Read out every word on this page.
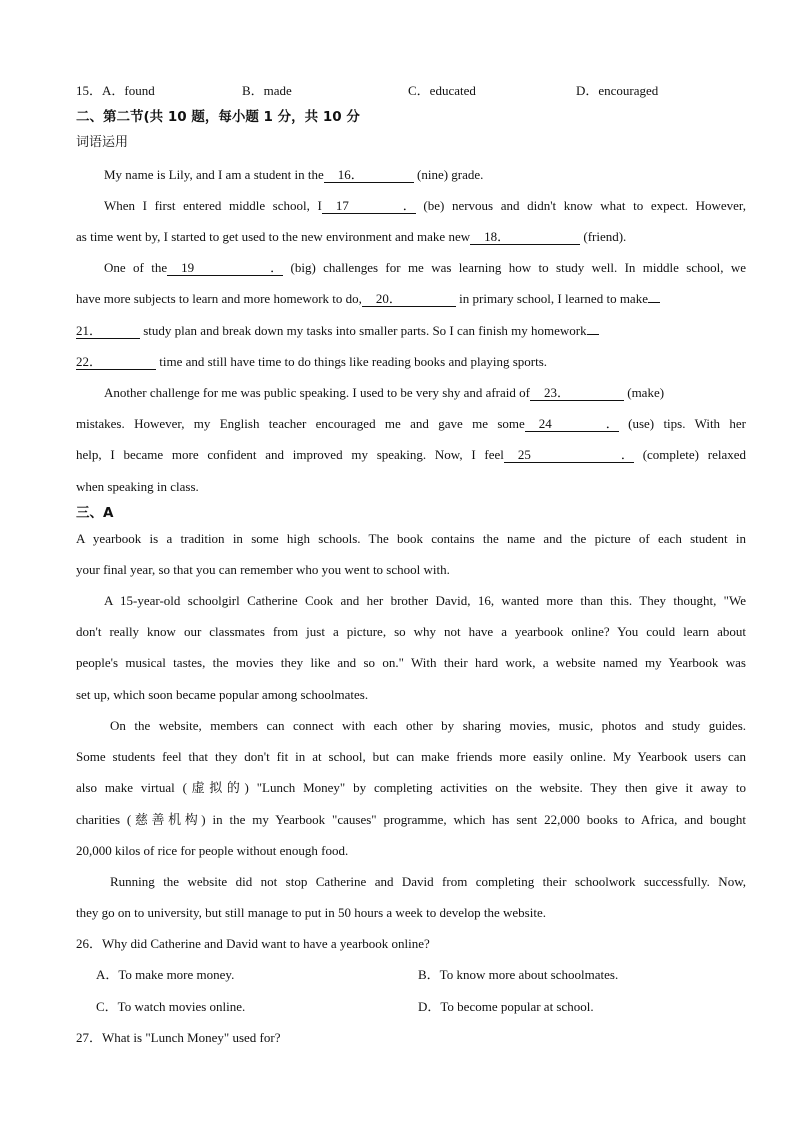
15．A．found	B．made	C．educated	D．encouraged
二、第二节(共 10 题，每小题 1 分，共 10 分
词语运用
My name is Lily, and I am a student in the 16．	(nine) grade.
When I first entered middle school, I 17． (be) nervous and didn't know what to expect. However,
as time went by, I started to get used to the new environment and make new 18．	(friend).
One of the 19． (big) challenges for me was learning how to study well. In middle school, we
have more subjects to learn and more homework to do, 20．	in primary school, I learned to make
21．	study plan and break down my tasks into smaller parts. So I can finish my homework
22．	time and still have time to do things like reading books and playing sports.
Another challenge for me was public speaking. I used to be very shy and afraid of 23．	(make)
mistakes. However, my English teacher encouraged me and gave me some 24． (use) tips. With her
help, I became more confident and improved my speaking. Now, I feel 25． (complete) relaxed
when speaking in class.
三、A
A yearbook is a tradition in some high schools. The book contains the name and the picture of each student in
your final year, so that you can remember who you went to school with.
A 15-year-old schoolgirl Catherine Cook and her brother David, 16, wanted more than this. They thought, "We
don't really know our classmates from just a picture, so why not have a yearbook online? You could learn about
people's musical tastes, the movies they like and so on." With their hard work, a website named my Yearbook was
set up, which soon became popular among schoolmates.
On the website, members can connect with each other by sharing movies, music, photos and study guides.
Some students feel that they don't fit in at school, but can make friends more easily online. My Yearbook users can
also make virtual (虚拟的) "Lunch Money" by completing activities on the website. They then give it away to
charities (慈善机构) in the my Yearbook "causes" programme, which has sent 22,000 books to Africa, and bought
20,000 kilos of rice for people without enough food.
Running the website did not stop Catherine and David from completing their schoolwork successfully. Now,
they go on to university, but still manage to put in 50 hours a week to develop the website.
26．Why did Catherine and David want to have a yearbook online?
A．To make more money.	B．To know more about schoolmates.
C．To watch movies online.	D．To become popular at school.
27．What is "Lunch Money" used for?
